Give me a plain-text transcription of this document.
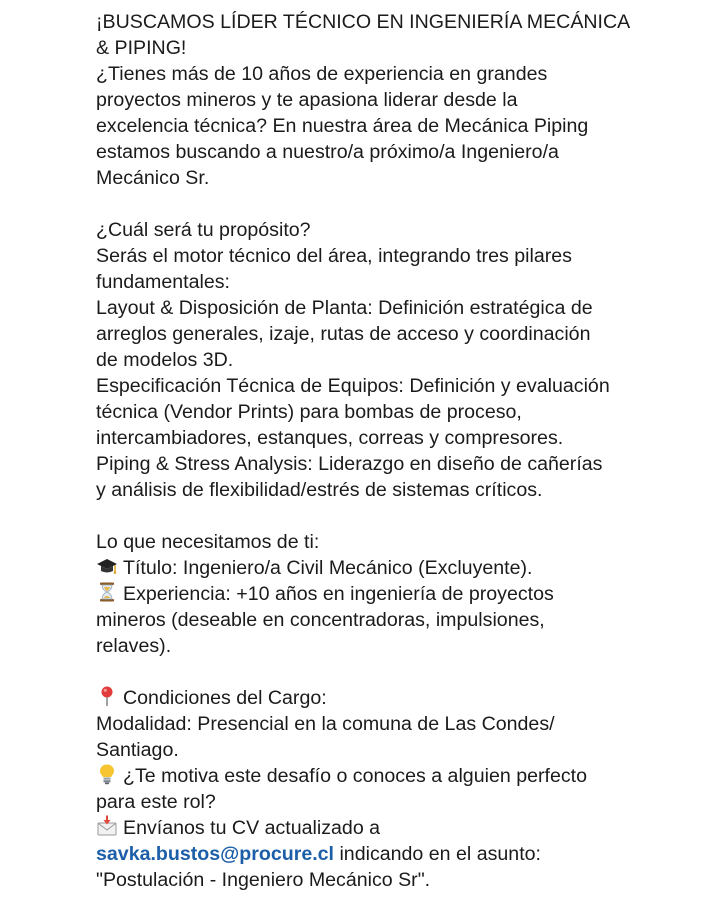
¡BUSCAMOS LÍDER TÉCNICO EN INGENIERÍA MECÁNICA
& PIPING!
¿Tienes más de 10 años de experiencia en grandes
proyectos mineros y te apasiona liderar desde la
excelencia técnica? En nuestra área de Mecánica Piping
estamos buscando a nuestro/a próximo/a Ingeniero/a
Mecánico Sr.
¿Cuál será tu propósito?
Serás el motor técnico del área, integrando tres pilares
fundamentales:
Layout & Disposición de Planta: Definición estratégica de
arreglos generales, izaje, rutas de acceso y coordinación
de modelos 3D.
Especificación Técnica de Equipos: Definición y evaluación
técnica (Vendor Prints) para bombas de proceso,
intercambiadores, estanques, correas y compresores.
Piping & Stress Analysis: Liderazgo en diseño de cañerías
y análisis de flexibilidad/estrés de sistemas críticos.
Lo que necesitamos de ti:
Título: Ingeniero/a Civil Mecánico (Excluyente).
Experiencia: +10 años en ingeniería de proyectos
mineros (deseable en concentradoras, impulsiones,
relaves).
Condiciones del Cargo:
Modalidad: Presencial en la comuna de Las Condes/
Santiago.
¿Te motiva este desafío o conoces a alguien perfecto
para este rol?
Envíanos tu CV actualizado a
savka.bustos@procure.cl indicando en el asunto:
"Postulación - Ingeniero Mecánico Sr".
